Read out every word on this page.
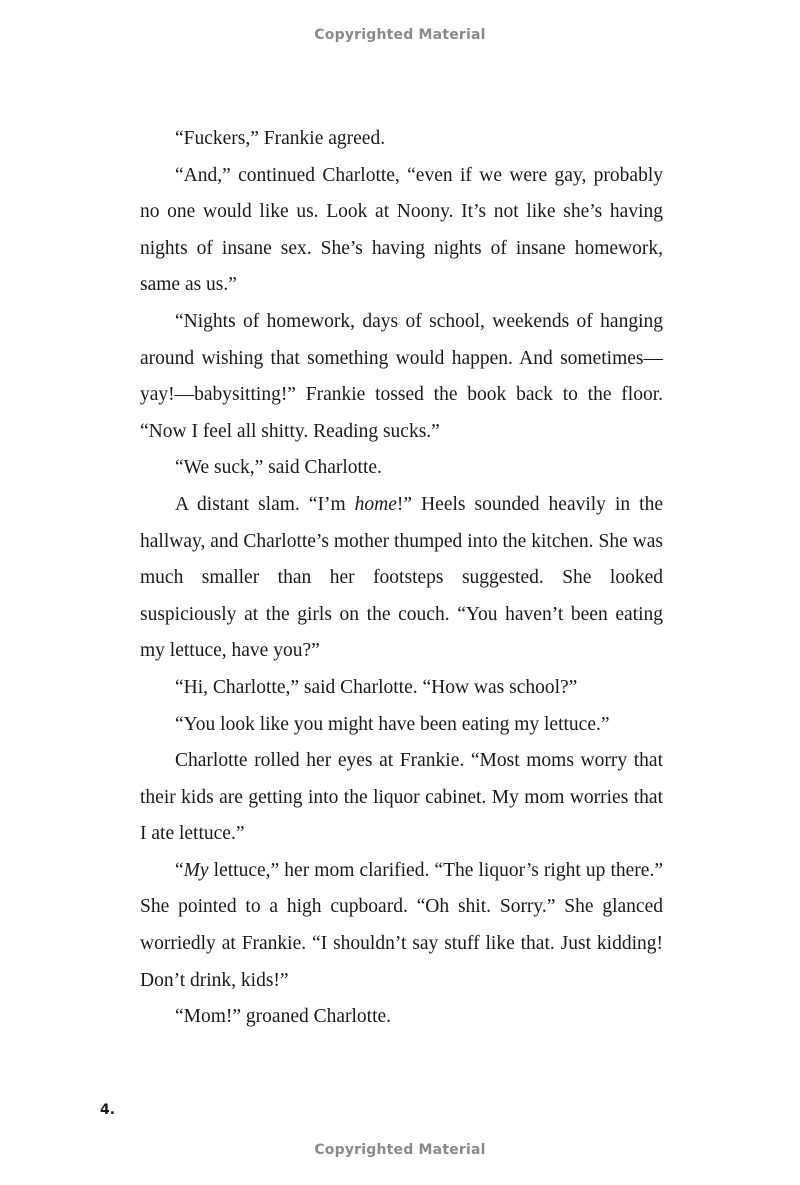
Copyrighted Material

“Fuckers,” Frankie agreed.

“And,” continued Charlotte, “even if we were gay, probably no one would like us. Look at Noony. It’s not like she’s having nights of insane sex. She’s having nights of insane homework, same as us.”

“Nights of homework, days of school, weekends of hanging around wishing that something would happen. And sometimes—yay!—babysitting!” Frankie tossed the book back to the floor. “Now I feel all shitty. Reading sucks.”

“We suck,” said Charlotte.

A distant slam. “I’m home!” Heels sounded heavily in the hallway, and Charlotte’s mother thumped into the kitchen. She was much smaller than her footsteps suggested. She looked suspiciously at the girls on the couch. “You haven’t been eating my lettuce, have you?”

“Hi, Charlotte,” said Charlotte. “How was school?”

“You look like you might have been eating my lettuce.”

Charlotte rolled her eyes at Frankie. “Most moms worry that their kids are getting into the liquor cabinet. My mom worries that I ate lettuce.”

“My lettuce,” her mom clarified. “The liquor’s right up there.” She pointed to a high cupboard. “Oh shit. Sorry.” She glanced worriedly at Frankie. “I shouldn’t say stuff like that. Just kidding! Don’t drink, kids!”

“Mom!” groaned Charlotte.

4.
Copyrighted Material
